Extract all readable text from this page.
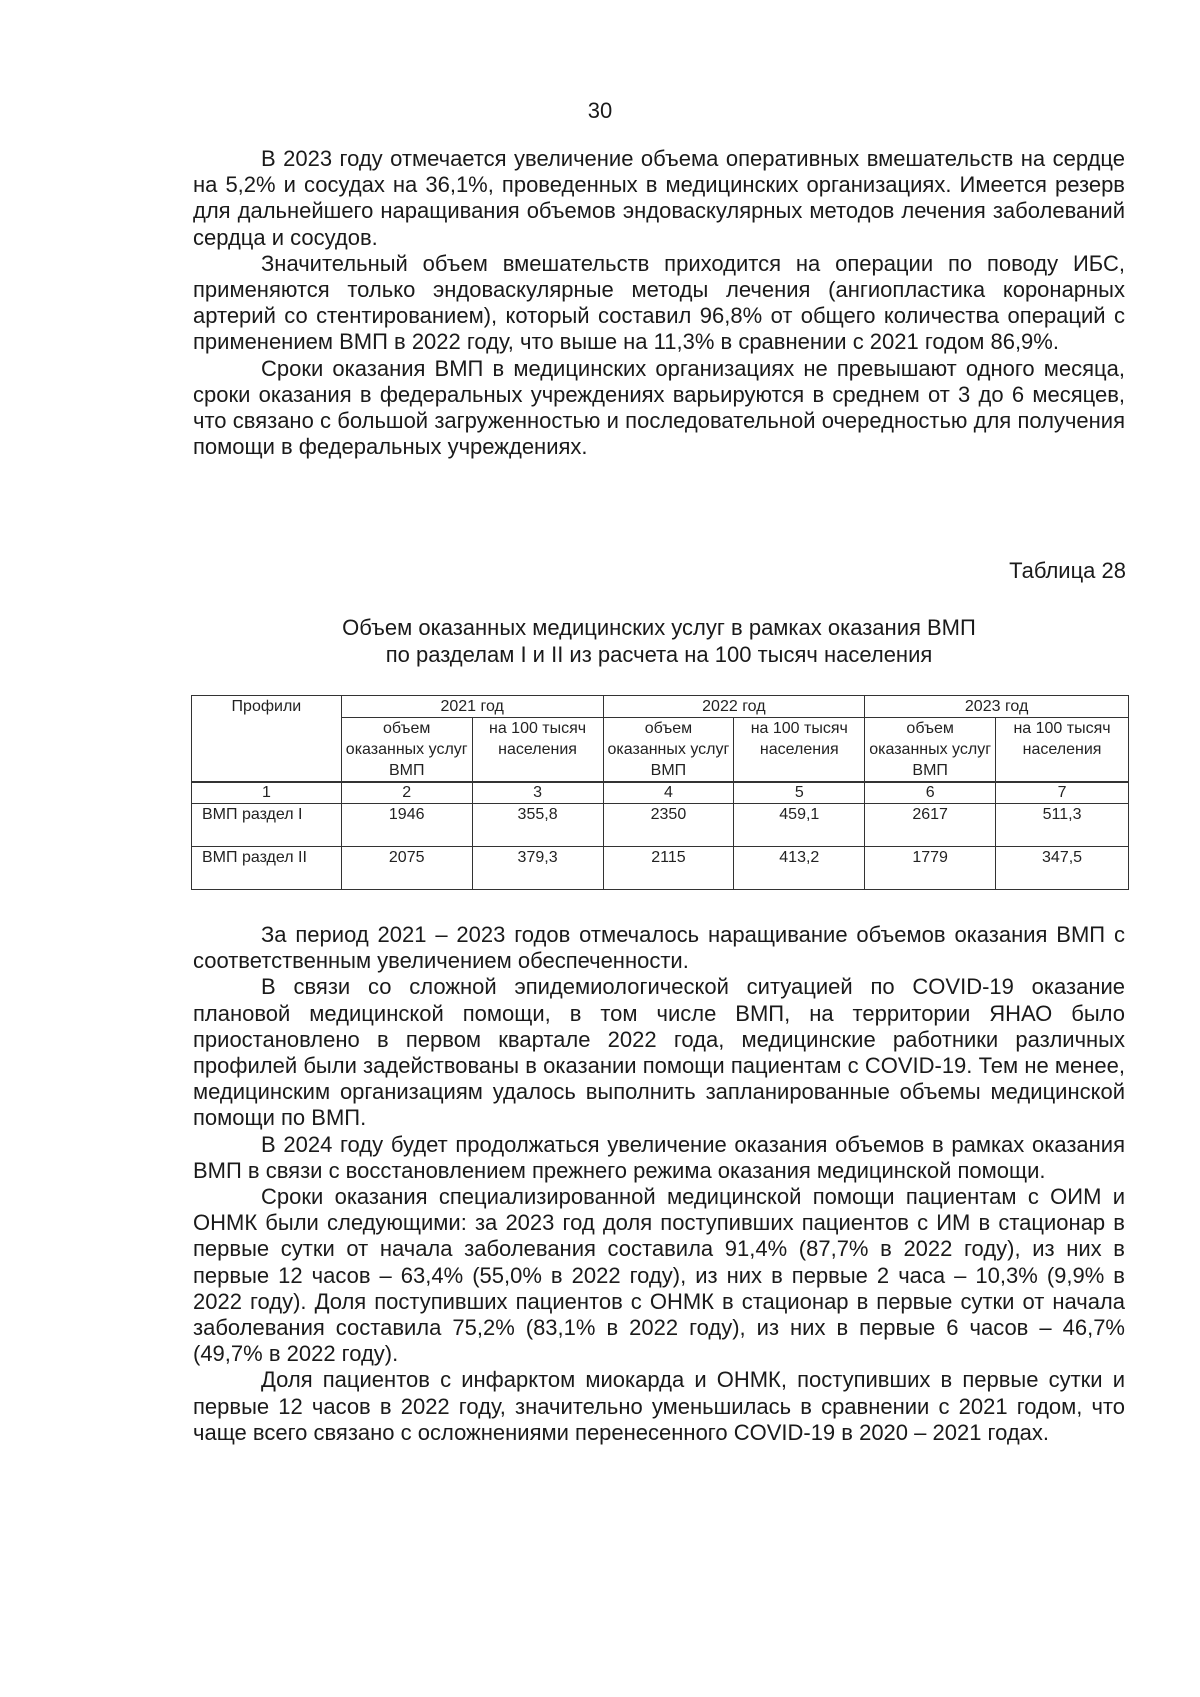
30

В 2023 году отмечается увеличение объема оперативных вмешательств на сердце на 5,2% и сосудах на 36,1%, проведенных в медицинских организациях. Имеется резерв для дальнейшего наращивания объемов эндоваскулярных методов лечения заболеваний сердца и сосудов.

Значительный объем вмешательств приходится на операции по поводу ИБС, применяются только эндоваскулярные методы лечения (ангиопластика коронарных артерий со стентированием), который составил 96,8% от общего количества операций с применением ВМП в 2022 году, что выше на 11,3% в сравнении с 2021 годом 86,9%.

Сроки оказания ВМП в медицинских организациях не превышают одного месяца, сроки оказания в федеральных учреждениях варьируются в среднем от 3 до 6 месяцев, что связано с большой загруженностью и последовательной очередностью для получения помощи в федеральных учреждениях.

Таблица 28
Объем оказанных медицинских услуг в рамках оказания ВМП
по разделам I и II из расчета на 100 тысяч населения
Профили	2021 год		2022 год		2023 год	
	объем оказанных услуг ВМП	на 100 тысяч населения	объем оказанных услуг ВМП	на 100 тысяч населения	объем оказанных услуг ВМП	на 100 тысяч населения
1	2	3	4	5	6	7
ВМП раздел I	1946	355,8	2350	459,1	2617	511,3
ВМП раздел II	2075	379,3	2115	413,2	1779	347,5

За период 2021 – 2023 годов отмечалось наращивание объемов оказания ВМП с соответственным увеличением обеспеченности.

В связи со сложной эпидемиологической ситуацией по COVID-19 оказание плановой медицинской помощи, в том числе ВМП, на территории ЯНАО было приостановлено в первом квартале 2022 года, медицинские работники различных профилей были задействованы в оказании помощи пациентам с COVID-19. Тем не менее, медицинским организациям удалось выполнить запланированные объемы медицинской помощи по ВМП.

В 2024 году будет продолжаться увеличение оказания объемов в рамках оказания ВМП в связи с восстановлением прежнего режима оказания медицинской помощи.

Сроки оказания специализированной медицинской помощи пациентам с ОИМ и ОНМК были следующими: за 2023 год доля поступивших пациентов с ИМ в стационар в первые сутки от начала заболевания составила 91,4% (87,7% в 2022 году), из них в первые 12 часов – 63,4% (55,0% в 2022 году), из них в первые 2 часа – 10,3% (9,9% в 2022 году). Доля поступивших пациентов с ОНМК в стационар в первые сутки от начала заболевания составила 75,2% (83,1% в 2022 году), из них в первые 6 часов – 46,7% (49,7% в 2022 году).

Доля пациентов с инфарктом миокарда и ОНМК, поступивших в первые сутки и первые 12 часов в 2022 году, значительно уменьшилась в сравнении с 2021 годом, что чаще всего связано с осложнениями перенесенного COVID-19 в 2020 – 2021 годах.
